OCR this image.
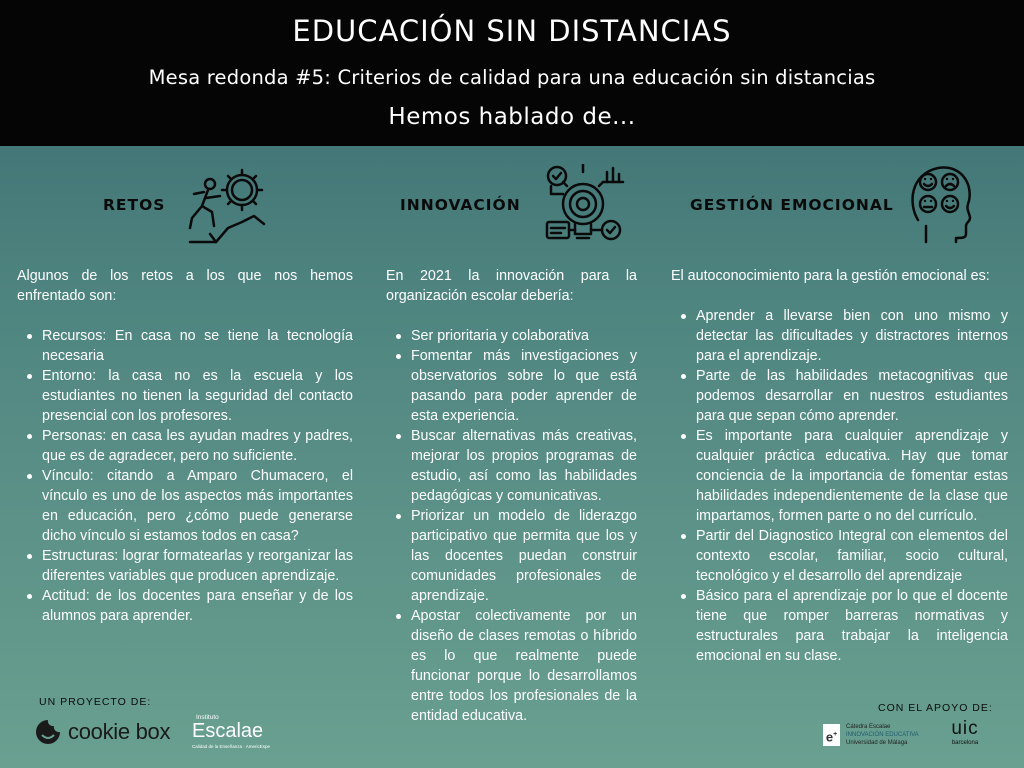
EDUCACIÓN SIN DISTANCIAS
Mesa redonda #5: Criterios de calidad para una educación sin distancias
Hemos hablado de...
RETOS	INNOVACIÓN	GESTIÓN EMOCIONAL

Algunos de los retos a los que nos hemos enfrentado son:

Recursos: En casa no se tiene la tecnología necesaria
Entorno: la casa no es la escuela y los estudiantes no tienen la seguridad del contacto presencial con los profesores.
Personas: en casa les ayudan madres y padres, que es de agradecer, pero no suficiente.
Vínculo: citando a Amparo Chumacero, el vínculo es uno de los aspectos más importantes en educación, pero ¿cómo puede generarse dicho vínculo si estamos todos en casa?
Estructuras: lograr formatearlas y reorganizar las diferentes variables que producen aprendizaje.
Actitud: de los docentes para enseñar y de los alumnos para aprender.

En 2021 la innovación para la organización escolar debería:

Ser prioritaria y colaborativa
Fomentar más investigaciones y observatorios sobre lo que está pasando para poder aprender de esta experiencia.
Buscar alternativas más creativas, mejorar los propios programas de estudio, así como las habilidades pedagógicas y comunicativas.
Priorizar un modelo de liderazgo participativo que permita que los y las docentes puedan construir comunidades profesionales de aprendizaje.
Apostar colectivamente por un diseño de clases remotas o híbrido es lo que realmente puede funcionar porque lo desarrollamos entre todos los profesionales de la entidad educativa.

El autoconocimiento para la gestión emocional es:

Aprender a llevarse bien con uno mismo y detectar las dificultades y distractores internos para el aprendizaje.
Parte de las habilidades metacognitivas que podemos desarrollar en nuestros estudiantes para que sepan cómo aprender.
Es importante para cualquier aprendizaje y cualquier práctica educativa. Hay que tomar conciencia de la importancia de fomentar estas habilidades independientemente de la clase que impartamos, formen parte o no del currículo.
Partir del Diagnostico Integral con elementos del contexto escolar, familiar, socio cultural, tecnológico y el desarrollo del aprendizaje
Básico para el aprendizaje por lo que el docente tiene que romper barreras normativas y estructurales para trabajar la inteligencia emocional en su clase.
UN PROYECTO DE:	CON EL APOYO DE:
cookie box
Instituto
Escalae
Calidad de la Enseñanza · AmericEspe
e+
Cátedra Escalae
INNOVACIÓN EDUCATIVA
Universidad de Málaga
uic
barcelona
